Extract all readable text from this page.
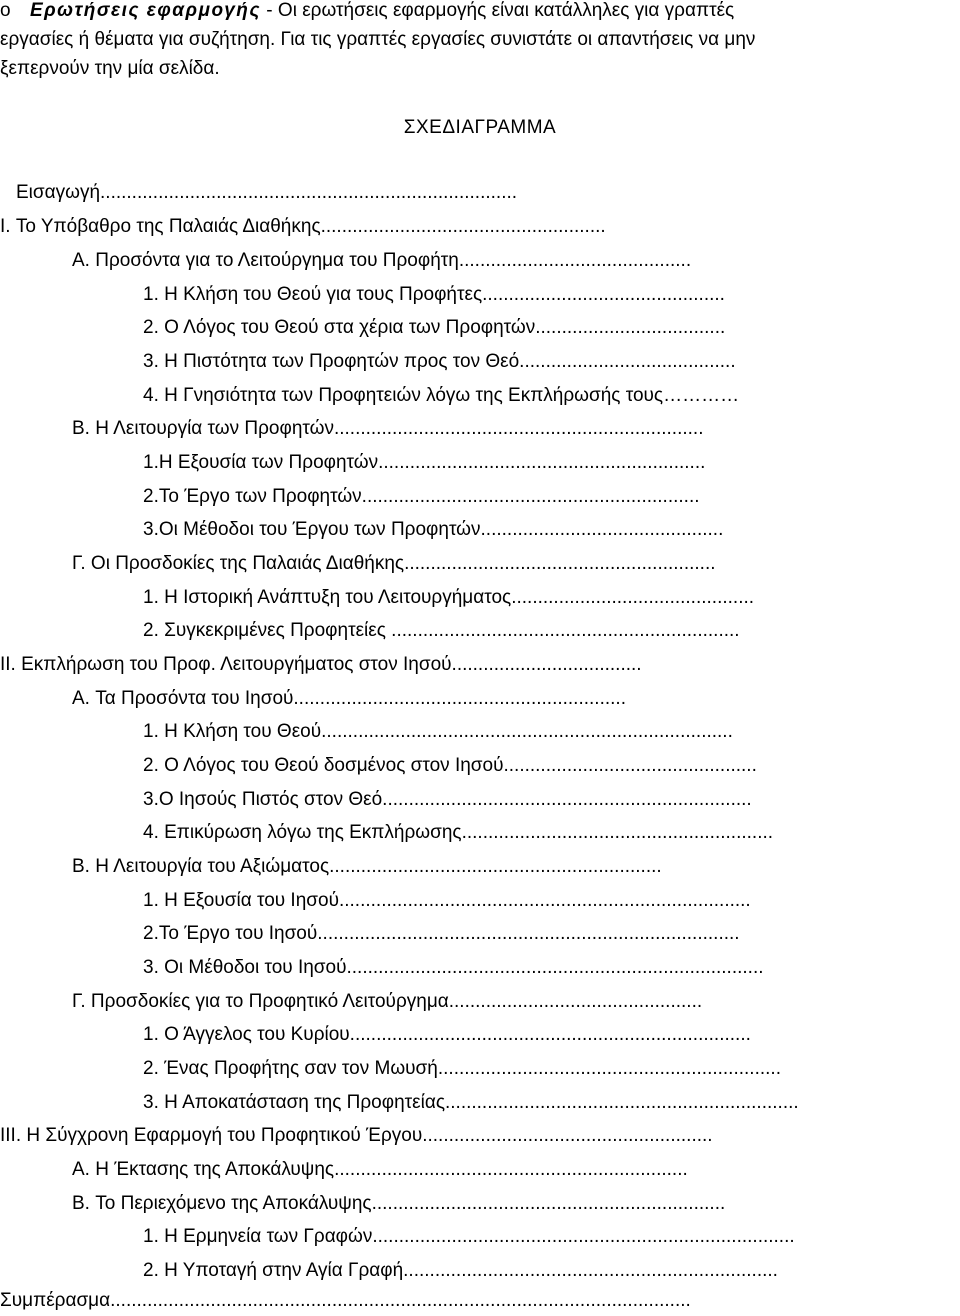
o Ερωτήσεις εφαρμογής - Οι ερωτήσεις εφαρμογής είναι κατάλληλες για γραπτές
εργασίες ή θέματα για συζήτηση. Για τις γραπτές εργασίες συνιστάτε οι απαντήσεις να μην
ξεπερνούν την μία σελίδα.
ΣΧΕΔΙΑΓΡΑΜΜΑ
Εισαγωγή...............................................................................
I. Το Υπόβαθρο της Παλαιάς Διαθήκης......................................................
A. Προσόντα για το Λειτούργημα του Προφήτη............................................
1. Η Κλήση του Θεού για τους Προφήτες..............................................
2. Ο Λόγος του Θεού στα χέρια των Προφητών....................................
3. Η Πιστότητα των Προφητών προς τον Θεό.........................................
4. Η Γνησιότητα των Προφητειών λόγω της Εκπλήρωσής τους…………
B. Η Λειτουργία των Προφητών......................................................................
1.Η Εξουσία των Προφητών..............................................................
2.Το Έργο των Προφητών................................................................
3.Οι Μέθοδοι του Έργου των Προφητών..............................................
Γ. Οι Προσδοκίες της Παλαιάς Διαθήκης...........................................................
1. Η Ιστορική Ανάπτυξη του Λειτουργήματος..............................................
2. Συγκεκριμένες Προφητείες ..................................................................
II. Εκπλήρωση του Προφ. Λειτουργήματος στον Ιησού....................................
A. Τα Προσόντα του Ιησού...............................................................
1. Η Κλήση του Θεού..............................................................................
2. Ο Λόγος του Θεού δοσμένος στον Ιησού................................................
3.Ο Ιησούς Πιστός στον Θεό......................................................................
4. Επικύρωση λόγω της Εκπλήρωσης...........................................................
B. Η Λειτουργία του Αξιώματος...............................................................
1. Η Εξουσία του Ιησού..............................................................................
2.Το Έργο του Ιησού................................................................................
3. Οι Μέθοδοι του Ιησού...............................................................................
Γ. Προσδοκίες για το Προφητικό Λειτούργημα................................................
1. Ο Άγγελος του Κυρίου............................................................................
2. Ένας Προφήτης σαν τον Μωυσή.................................................................
3. Η Αποκατάσταση της Προφητείας...................................................................
III. Η Σύγχρονη Εφαρμογή του Προφητικού Έργου.......................................................
A. Η Έκτασης της Αποκάλυψης...................................................................
B. Το Περιεχόμενο της Αποκάλυψης...................................................................
1. Η Ερμηνεία των Γραφών................................................................................
2. Η Υποταγή στην Αγία Γραφή.......................................................................
Συμπέρασμα..............................................................................................................
